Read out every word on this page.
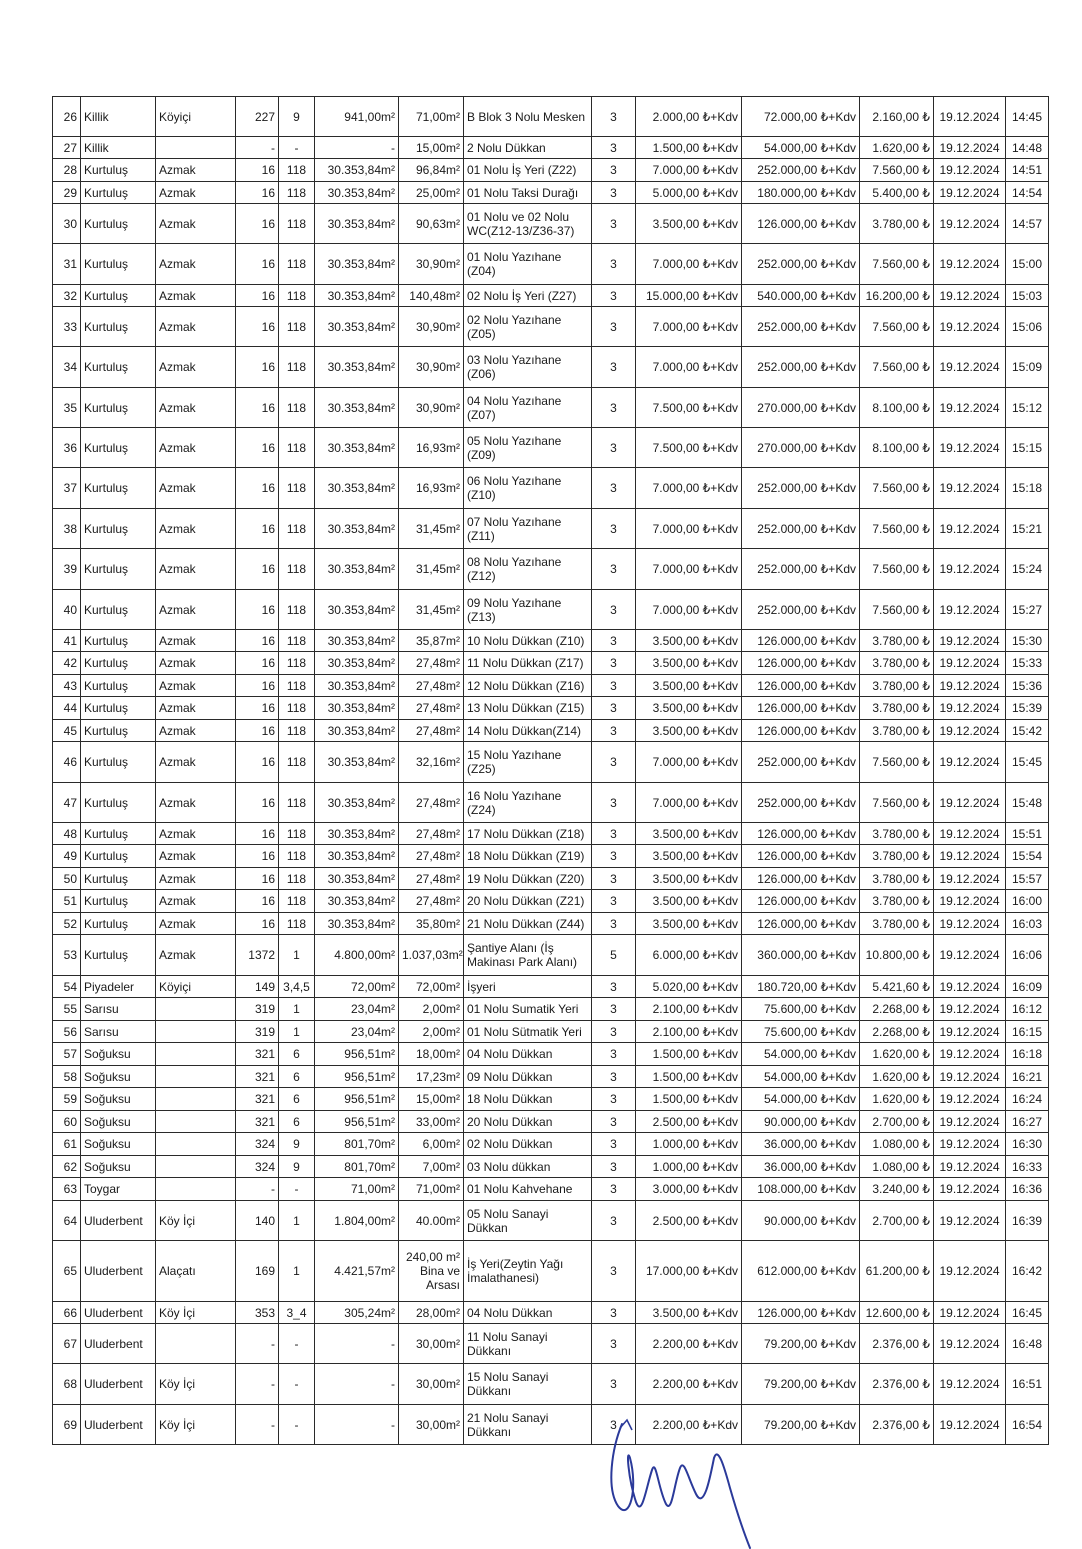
26	Killik	Köyiçi	227	9	941,00m²	71,00m²	B Blok 3 Nolu Mesken	3	2.000,00 ₺+Kdv	72.000,00 ₺+Kdv	2.160,00 ₺	19.12.2024	14:45
27	Killik		-	-	-	15,00m²	2 Nolu Dükkan	3	1.500,00 ₺+Kdv	54.000,00 ₺+Kdv	1.620,00 ₺	19.12.2024	14:48
28	Kurtuluş	Azmak	16	118	30.353,84m²	96,84m²	01 Nolu İş Yeri (Z22)	3	7.000,00 ₺+Kdv	252.000,00 ₺+Kdv	7.560,00 ₺	19.12.2024	14:51
29	Kurtuluş	Azmak	16	118	30.353,84m²	25,00m²	01 Nolu Taksi Durağı	3	5.000,00 ₺+Kdv	180.000,00 ₺+Kdv	5.400,00 ₺	19.12.2024	14:54
30	Kurtuluş	Azmak	16	118	30.353,84m²	90,63m²	01 Nolu ve 02 Nolu WC(Z12-13/Z36-37)	3	3.500,00 ₺+Kdv	126.000,00 ₺+Kdv	3.780,00 ₺	19.12.2024	14:57
31	Kurtuluş	Azmak	16	118	30.353,84m²	30,90m²	01 Nolu Yazıhane (Z04)	3	7.000,00 ₺+Kdv	252.000,00 ₺+Kdv	7.560,00 ₺	19.12.2024	15:00
32	Kurtuluş	Azmak	16	118	30.353,84m²	140,48m²	02 Nolu İş Yeri (Z27)	3	15.000,00 ₺+Kdv	540.000,00 ₺+Kdv	16.200,00 ₺	19.12.2024	15:03
33	Kurtuluş	Azmak	16	118	30.353,84m²	30,90m²	02 Nolu Yazıhane (Z05)	3	7.000,00 ₺+Kdv	252.000,00 ₺+Kdv	7.560,00 ₺	19.12.2024	15:06
34	Kurtuluş	Azmak	16	118	30.353,84m²	30,90m²	03 Nolu Yazıhane (Z06)	3	7.000,00 ₺+Kdv	252.000,00 ₺+Kdv	7.560,00 ₺	19.12.2024	15:09
35	Kurtuluş	Azmak	16	118	30.353,84m²	30,90m²	04 Nolu Yazıhane (Z07)	3	7.500,00 ₺+Kdv	270.000,00 ₺+Kdv	8.100,00 ₺	19.12.2024	15:12
36	Kurtuluş	Azmak	16	118	30.353,84m²	16,93m²	05 Nolu Yazıhane (Z09)	3	7.500,00 ₺+Kdv	270.000,00 ₺+Kdv	8.100,00 ₺	19.12.2024	15:15
37	Kurtuluş	Azmak	16	118	30.353,84m²	16,93m²	06 Nolu Yazıhane (Z10)	3	7.000,00 ₺+Kdv	252.000,00 ₺+Kdv	7.560,00 ₺	19.12.2024	15:18
38	Kurtuluş	Azmak	16	118	30.353,84m²	31,45m²	07 Nolu Yazıhane (Z11)	3	7.000,00 ₺+Kdv	252.000,00 ₺+Kdv	7.560,00 ₺	19.12.2024	15:21
39	Kurtuluş	Azmak	16	118	30.353,84m²	31,45m²	08 Nolu Yazıhane (Z12)	3	7.000,00 ₺+Kdv	252.000,00 ₺+Kdv	7.560,00 ₺	19.12.2024	15:24
40	Kurtuluş	Azmak	16	118	30.353,84m²	31,45m²	09 Nolu Yazıhane (Z13)	3	7.000,00 ₺+Kdv	252.000,00 ₺+Kdv	7.560,00 ₺	19.12.2024	15:27
41	Kurtuluş	Azmak	16	118	30.353,84m²	35,87m²	10 Nolu Dükkan (Z10)	3	3.500,00 ₺+Kdv	126.000,00 ₺+Kdv	3.780,00 ₺	19.12.2024	15:30
42	Kurtuluş	Azmak	16	118	30.353,84m²	27,48m²	11 Nolu Dükkan (Z17)	3	3.500,00 ₺+Kdv	126.000,00 ₺+Kdv	3.780,00 ₺	19.12.2024	15:33
43	Kurtuluş	Azmak	16	118	30.353,84m²	27,48m²	12 Nolu Dükkan (Z16)	3	3.500,00 ₺+Kdv	126.000,00 ₺+Kdv	3.780,00 ₺	19.12.2024	15:36
44	Kurtuluş	Azmak	16	118	30.353,84m²	27,48m²	13 Nolu Dükkan (Z15)	3	3.500,00 ₺+Kdv	126.000,00 ₺+Kdv	3.780,00 ₺	19.12.2024	15:39
45	Kurtuluş	Azmak	16	118	30.353,84m²	27,48m²	14 Nolu Dükkan(Z14)	3	3.500,00 ₺+Kdv	126.000,00 ₺+Kdv	3.780,00 ₺	19.12.2024	15:42
46	Kurtuluş	Azmak	16	118	30.353,84m²	32,16m²	15 Nolu Yazıhane (Z25)	3	7.000,00 ₺+Kdv	252.000,00 ₺+Kdv	7.560,00 ₺	19.12.2024	15:45
47	Kurtuluş	Azmak	16	118	30.353,84m²	27,48m²	16 Nolu Yazıhane (Z24)	3	7.000,00 ₺+Kdv	252.000,00 ₺+Kdv	7.560,00 ₺	19.12.2024	15:48
48	Kurtuluş	Azmak	16	118	30.353,84m²	27,48m²	17 Nolu Dükkan (Z18)	3	3.500,00 ₺+Kdv	126.000,00 ₺+Kdv	3.780,00 ₺	19.12.2024	15:51
49	Kurtuluş	Azmak	16	118	30.353,84m²	27,48m²	18 Nolu Dükkan (Z19)	3	3.500,00 ₺+Kdv	126.000,00 ₺+Kdv	3.780,00 ₺	19.12.2024	15:54
50	Kurtuluş	Azmak	16	118	30.353,84m²	27,48m²	19 Nolu Dükkan (Z20)	3	3.500,00 ₺+Kdv	126.000,00 ₺+Kdv	3.780,00 ₺	19.12.2024	15:57
51	Kurtuluş	Azmak	16	118	30.353,84m²	27,48m²	20 Nolu Dükkan (Z21)	3	3.500,00 ₺+Kdv	126.000,00 ₺+Kdv	3.780,00 ₺	19.12.2024	16:00
52	Kurtuluş	Azmak	16	118	30.353,84m²	35,80m²	21 Nolu Dükkan (Z44)	3	3.500,00 ₺+Kdv	126.000,00 ₺+Kdv	3.780,00 ₺	19.12.2024	16:03
53	Kurtuluş	Azmak	1372	1	4.800,00m²	1.037,03m²	Şantiye Alanı (İş Makinası Park Alanı)	5	6.000,00 ₺+Kdv	360.000,00 ₺+Kdv	10.800,00 ₺	19.12.2024	16:06
54	Piyadeler	Köyiçi	149	3,4,5	72,00m²	72,00m²	İşyeri	3	5.020,00 ₺+Kdv	180.720,00 ₺+Kdv	5.421,60 ₺	19.12.2024	16:09
55	Sarısu		319	1	23,04m²	2,00m²	01 Nolu Sumatik Yeri	3	2.100,00 ₺+Kdv	75.600,00 ₺+Kdv	2.268,00 ₺	19.12.2024	16:12
56	Sarısu		319	1	23,04m²	2,00m²	01 Nolu Sütmatik Yeri	3	2.100,00 ₺+Kdv	75.600,00 ₺+Kdv	2.268,00 ₺	19.12.2024	16:15
57	Soğuksu		321	6	956,51m²	18,00m²	04 Nolu Dükkan	3	1.500,00 ₺+Kdv	54.000,00 ₺+Kdv	1.620,00 ₺	19.12.2024	16:18
58	Soğuksu		321	6	956,51m²	17,23m²	09 Nolu Dükkan	3	1.500,00 ₺+Kdv	54.000,00 ₺+Kdv	1.620,00 ₺	19.12.2024	16:21
59	Soğuksu		321	6	956,51m²	15,00m²	18 Nolu Dükkan	3	1.500,00 ₺+Kdv	54.000,00 ₺+Kdv	1.620,00 ₺	19.12.2024	16:24
60	Soğuksu		321	6	956,51m²	33,00m²	20 Nolu Dükkan	3	2.500,00 ₺+Kdv	90.000,00 ₺+Kdv	2.700,00 ₺	19.12.2024	16:27
61	Soğuksu		324	9	801,70m²	6,00m²	02 Nolu Dükkan	3	1.000,00 ₺+Kdv	36.000,00 ₺+Kdv	1.080,00 ₺	19.12.2024	16:30
62	Soğuksu		324	9	801,70m²	7,00m²	03 Nolu dükkan	3	1.000,00 ₺+Kdv	36.000,00 ₺+Kdv	1.080,00 ₺	19.12.2024	16:33
63	Toygar		-	-	71,00m²	71,00m²	01 Nolu Kahvehane	3	3.000,00 ₺+Kdv	108.000,00 ₺+Kdv	3.240,00 ₺	19.12.2024	16:36
64	Uluderbent	Köy İçi	140	1	1.804,00m²	40.00m²	05 Nolu Sanayi Dükkan	3	2.500,00 ₺+Kdv	90.000,00 ₺+Kdv	2.700,00 ₺	19.12.2024	16:39
65	Uluderbent	Alaçatı	169	1	4.421,57m²	240,00 m² Bina ve Arsası	İş Yeri(Zeytin Yağı İmalathanesi)	3	17.000,00 ₺+Kdv	612.000,00 ₺+Kdv	61.200,00 ₺	19.12.2024	16:42
66	Uluderbent	Köy İçi	353	3_4	305,24m²	28,00m²	04 Nolu Dükkan	3	3.500,00 ₺+Kdv	126.000,00 ₺+Kdv	12.600,00 ₺	19.12.2024	16:45
67	Uluderbent		-	-	-	30,00m²	11 Nolu Sanayi Dükkanı	3	2.200,00 ₺+Kdv	79.200,00 ₺+Kdv	2.376,00 ₺	19.12.2024	16:48
68	Uluderbent	Köy İçi	-	-	-	30,00m²	15 Nolu Sanayi Dükkanı	3	2.200,00 ₺+Kdv	79.200,00 ₺+Kdv	2.376,00 ₺	19.12.2024	16:51
69	Uluderbent	Köy İçi	-	-	-	30,00m²	21 Nolu Sanayi Dükkanı	3	2.200,00 ₺+Kdv	79.200,00 ₺+Kdv	2.376,00 ₺	19.12.2024	16:54
